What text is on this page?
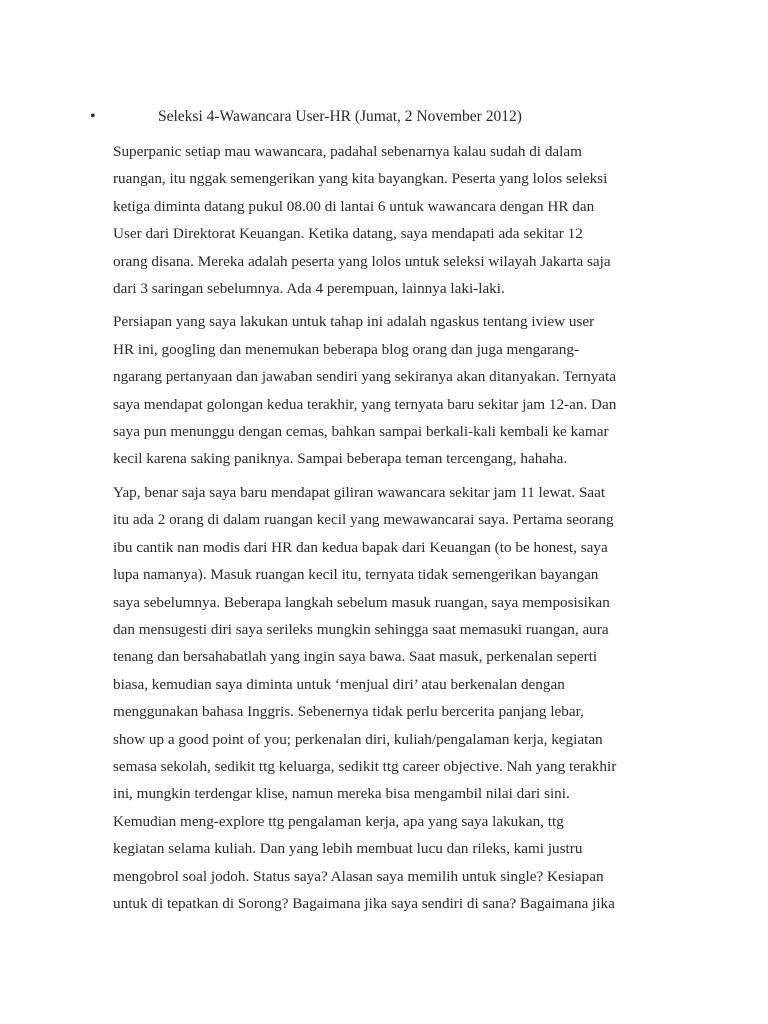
•	Seleksi 4-Wawancara User-HR (Jumat, 2 November 2012)

Superpanic setiap mau wawancara, padahal sebenarnya kalau sudah di dalam
ruangan, itu nggak semengerikan yang kita bayangkan. Peserta yang lolos seleksi
ketiga diminta datang pukul 08.00 di lantai 6 untuk wawancara dengan HR dan
User dari Direktorat Keuangan. Ketika datang, saya mendapati ada sekitar 12
orang disana. Mereka adalah peserta yang lolos untuk seleksi wilayah Jakarta saja
dari 3 saringan sebelumnya. Ada 4 perempuan, lainnya laki-laki.

Persiapan yang saya lakukan untuk tahap ini adalah ngaskus tentang iview user
HR ini, googling dan menemukan beberapa blog orang dan juga mengarang-
ngarang pertanyaan dan jawaban sendiri yang sekiranya akan ditanyakan. Ternyata
saya mendapat golongan kedua terakhir, yang ternyata baru sekitar jam 12-an. Dan
saya pun menunggu dengan cemas, bahkan sampai berkali-kali kembali ke kamar
kecil karena saking paniknya. Sampai beberapa teman tercengang, hahaha.

Yap, benar saja saya baru mendapat giliran wawancara sekitar jam 11 lewat. Saat
itu ada 2 orang di dalam ruangan kecil yang mewawancarai saya. Pertama seorang
ibu cantik nan modis dari HR dan kedua bapak dari Keuangan (to be honest, saya
lupa namanya). Masuk ruangan kecil itu, ternyata tidak semengerikan bayangan
saya sebelumnya. Beberapa langkah sebelum masuk ruangan, saya memposisikan
dan mensugesti diri saya serileks mungkin sehingga saat memasuki ruangan, aura
tenang dan bersahabatlah yang ingin saya bawa. Saat masuk, perkenalan seperti
biasa, kemudian saya diminta untuk ‘menjual diri’ atau berkenalan dengan
menggunakan bahasa Inggris. Sebenernya tidak perlu bercerita panjang lebar,
show up a good point of you; perkenalan diri, kuliah/pengalaman kerja, kegiatan
semasa sekolah, sedikit ttg keluarga, sedikit ttg career objective. Nah yang terakhir
ini, mungkin terdengar klise, namun mereka bisa mengambil nilai dari sini.
Kemudian meng-explore ttg pengalaman kerja, apa yang saya lakukan, ttg
kegiatan selama kuliah. Dan yang lebih membuat lucu dan rileks, kami justru
mengobrol soal jodoh. Status saya? Alasan saya memilih untuk single? Kesiapan
untuk di tepatkan di Sorong? Bagaimana jika saya sendiri di sana? Bagaimana jika
